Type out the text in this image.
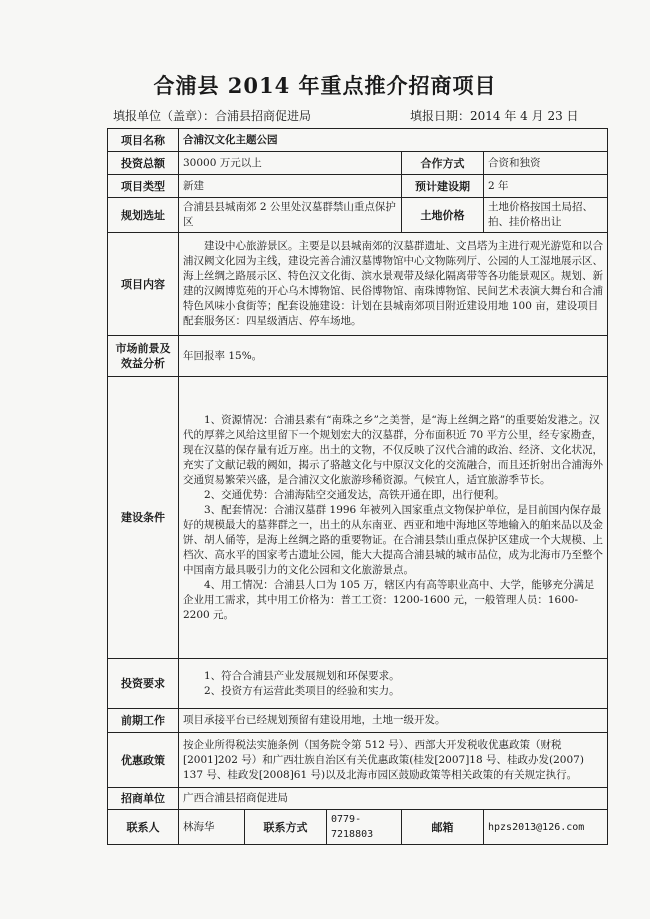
合浦县 2014 年重点推介招商项目
填报单位（盖章）：合浦县招商促进局	填报日期：2014 年 4 月 23 日
项目名称	合浦汉文化主题公园				
投资总额	30000 万元以上			合作方式	合资和独资
项目类型	新建			预计建设期	2 年
规划选址	合浦县县城南郊 2 公里处汉墓群禁山重点保护区			土地价格	土地价格按国土局招、拍、挂价格出让
项目内容	建设中心旅游景区。主要是以县城南郊的汉墓群遗址、文昌塔为主进行观光游览和以合浦汉阙文化园为主线，建设完善合浦汉墓博物馆中心文物陈列厅、公园的人工湿地展示区、海上丝绸之路展示区、特色汉文化街、滨水景观带及绿化隔离带等各功能景观区。规划、新建的汉阙博览苑的开心乌木博物馆、民俗博物馆、南珠博物馆、民间艺术表演大舞台和合浦特色风味小食街等；配套设施建设：计划在县城南郊项目附近建设用地 100 亩，建设项目配套服务区：四星级酒店、停车场地。				

市场前景及效益分析	年回报率 15%。				
建设条件	1、资源情况：合浦县素有“南珠之乡”之美誉，是“海上丝绸之路”的重要始发港之。汉代的厚葬之风给这里留下一个规划宏大的汉墓群，分布面积近 70 平方公里，经专家勘查，现在汉墓的保存量有近万座。出土的文物，不仅反映了汉代合浦的政治、经济、文化状况，充实了文献记载的阙如，揭示了骆越文化与中原汉文化的交流融合，而且还折射出合浦海外交通贸易繁荣兴盛，是合浦汉文化旅游珍稀资源。气候宜人，适宜旅游季节长。

2、交通优势：合浦海陆空交通发达，高铁开通在即，出行便利。

3、配套情况：合浦汉墓群 1996 年被列入国家重点文物保护单位，是目前国内保存最好的规模最大的墓葬群之一，出土的从东南亚、西亚和地中海地区等地输入的舶来品以及金饼、胡人俑等，是海上丝绸之路的重要物证。在合浦县禁山重点保护区建成一个大规模、上档次、高水平的国家考古遗址公园，能大大提高合浦县城的城市品位，成为北海市乃至整个中国南方最具吸引力的文化公园和文化旅游景点。

4、用工情况：合浦县人口为 105 万，辖区内有高等职业高中、大学，能够充分满足企业用工需求，其中用工价格为：普工工资：1200-1600 元，一般管理人员：1600-2200 元。				

投资要求	1、符合合浦县产业发展规划和环保要求。
2、投资方有运营此类项目的经验和实力。				

前期工作	项目承接平台已经规划预留有建设用地，土地一级开发。				
优惠政策	按企业所得税法实施条例（国务院令第 512 号）、西部大开发税收优惠政策（财税[2001]202 号）和广西壮族自治区有关优惠政策(桂发[2007]18 号、桂政办发(2007) 137 号、桂政发[2008]61 号)以及北海市园区鼓励政策等相关政策的有关规定执行。				
招商单位	广西合浦县招商促进局				
联系人	林海华	联系方式	0779-7218803	邮箱	hpzs2013@126.com
